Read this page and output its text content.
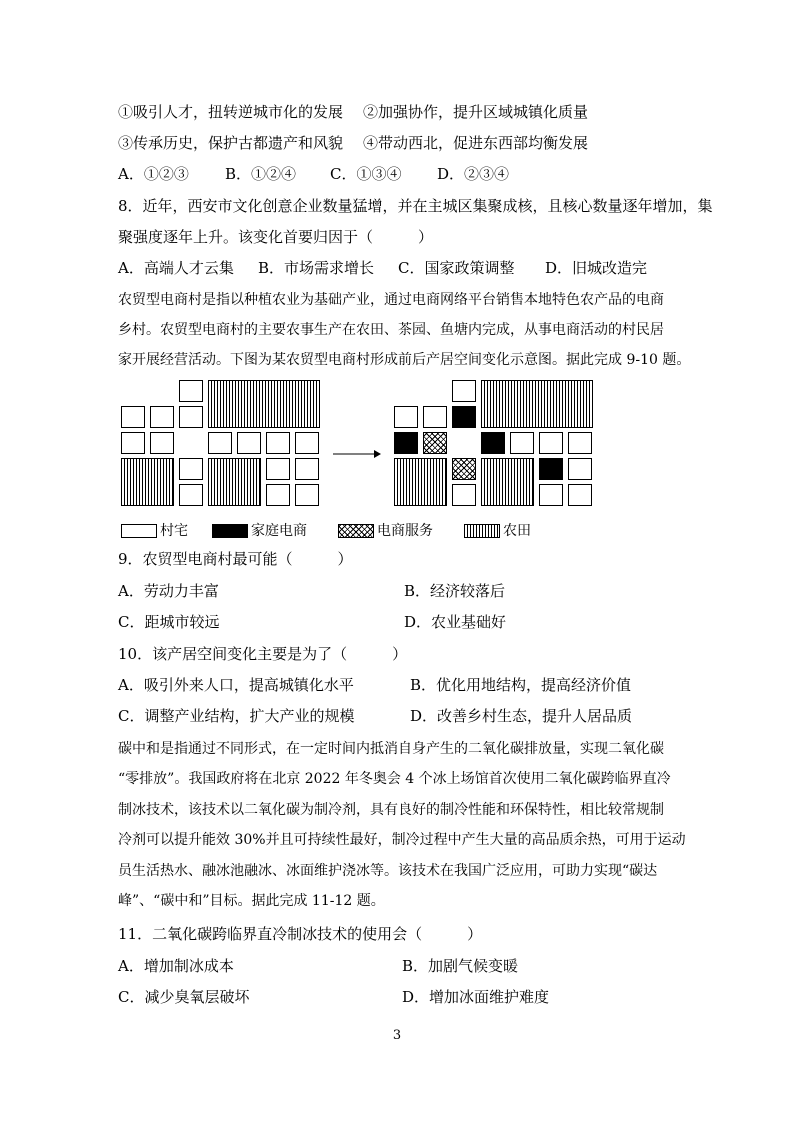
①吸引人才，扭转逆城市化的发展 ②加强协作，提升区域城镇化质量
③传承历史，保护古都遗产和风貌 ④带动西北，促进东西部均衡发展
A．①②③ B．①②④ C．①③④ D．②③④
8．近年，西安市文化创意企业数量猛增，并在主城区集聚成核，且核心数量逐年增加，集
聚强度逐年上升。该变化首要归因于（　　　）
A．高端人才云集 B．市场需求增长 C．国家政策调整 D．旧城改造完
农贸型电商村是指以种植农业为基础产业，通过电商网络平台销售本地特色农产品的电商
乡村。农贸型电商村的主要农事生产在农田、茶园、鱼塘内完成，从事电商活动的村民居
家开展经营活动。下图为某农贸型电商村形成前后产居空间变化示意图。据此完成 9-10 题。
村宅	家庭电商	电商服务	农田
9．农贸型电商村最可能（　　　）
A．劳动力丰富	B．经济较落后
C．距城市较远	D．农业基础好
10．该产居空间变化主要是为了（　　　）
A．吸引外来人口，提高城镇化水平	B．优化用地结构，提高经济价值
C．调整产业结构，扩大产业的规模	D．改善乡村生态，提升人居品质
碳中和是指通过不同形式，在一定时间内抵消自身产生的二氧化碳排放量，实现二氧化碳
“零排放”。我国政府将在北京 2022 年冬奥会 4 个冰上场馆首次使用二氧化碳跨临界直冷
制冰技术，该技术以二氧化碳为制冷剂，具有良好的制冷性能和环保特性，相比较常规制
冷剂可以提升能效 30%并且可持续性最好，制冷过程中产生大量的高品质余热，可用于运动
员生活热水、融冰池融冰、冰面维护浇冰等。该技术在我国广泛应用，可助力实现“碳达
峰”、“碳中和”目标。据此完成 11-12 题。
11．二氧化碳跨临界直冷制冰技术的使用会（　　　）
A．增加制冰成本	B．加剧气候变暖
C．减少臭氧层破坏	D．增加冰面维护难度
3
